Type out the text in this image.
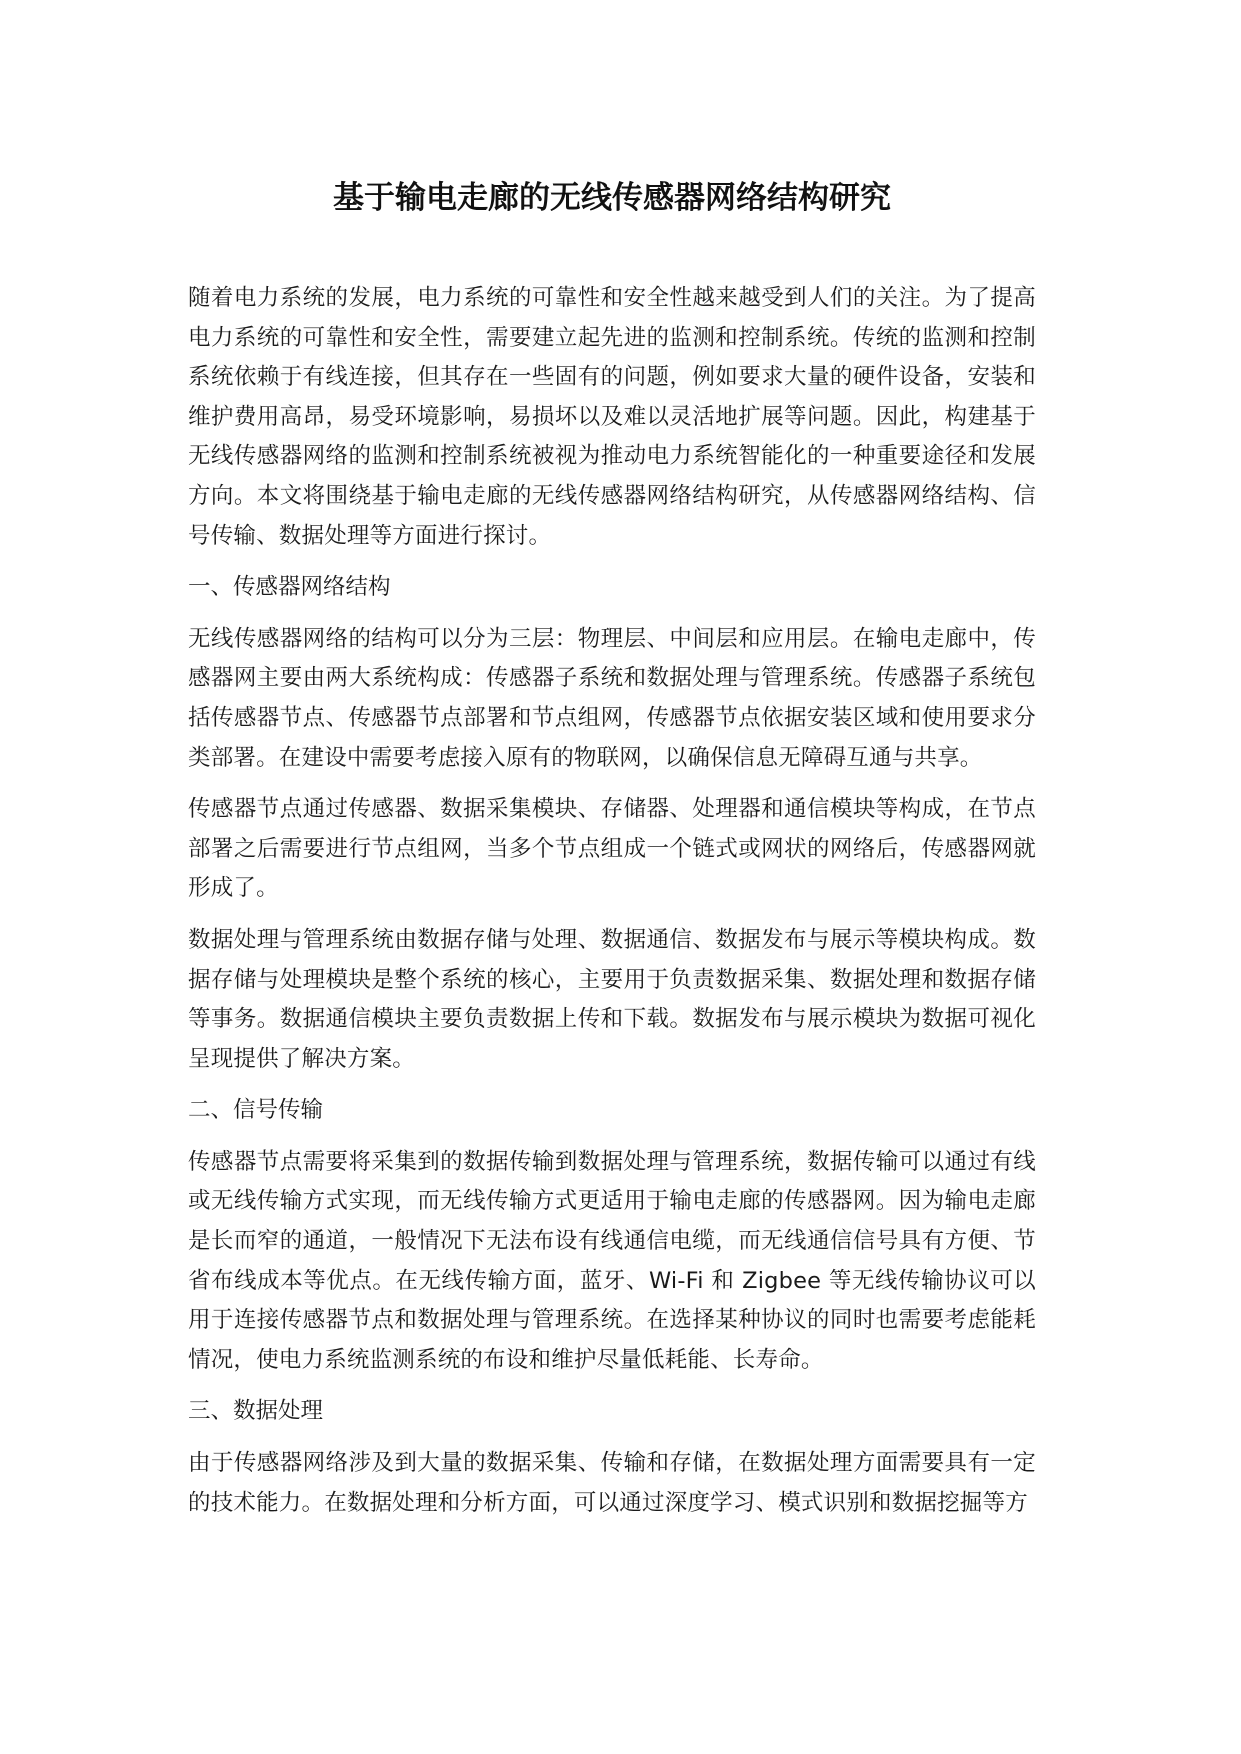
基于输电走廊的无线传感器网络结构研究

随着电力系统的发展，电力系统的可靠性和安全性越来越受到人们的关注。为了提高电力系统的可靠性和安全性，需要建立起先进的监测和控制系统。传统的监测和控制系统依赖于有线连接，但其存在一些固有的问题，例如要求大量的硬件设备，安装和维护费用高昂，易受环境影响，易损坏以及难以灵活地扩展等问题。因此，构建基于无线传感器网络的监测和控制系统被视为推动电力系统智能化的一种重要途径和发展方向。本文将围绕基于输电走廊的无线传感器网络结构研究，从传感器网络结构、信号传输、数据处理等方面进行探讨。

一、传感器网络结构

无线传感器网络的结构可以分为三层：物理层、中间层和应用层。在输电走廊中，传感器网主要由两大系统构成：传感器子系统和数据处理与管理系统。传感器子系统包括传感器节点、传感器节点部署和节点组网，传感器节点依据安装区域和使用要求分类部署。在建设中需要考虑接入原有的物联网，以确保信息无障碍互通与共享。

传感器节点通过传感器、数据采集模块、存储器、处理器和通信模块等构成，在节点部署之后需要进行节点组网，当多个节点组成一个链式或网状的网络后，传感器网就形成了。

数据处理与管理系统由数据存储与处理、数据通信、数据发布与展示等模块构成。数据存储与处理模块是整个系统的核心，主要用于负责数据采集、数据处理和数据存储等事务。数据通信模块主要负责数据上传和下载。数据发布与展示模块为数据可视化呈现提供了解决方案。

二、信号传输

传感器节点需要将采集到的数据传输到数据处理与管理系统，数据传输可以通过有线或无线传输方式实现，而无线传输方式更适用于输电走廊的传感器网。因为输电走廊是长而窄的通道，一般情况下无法布设有线通信电缆，而无线通信信号具有方便、节省布线成本等优点。在无线传输方面，蓝牙、Wi-Fi 和 Zigbee 等无线传输协议可以用于连接传感器节点和数据处理与管理系统。在选择某种协议的同时也需要考虑能耗情况，使电力系统监测系统的布设和维护尽量低耗能、长寿命。

三、数据处理

由于传感器网络涉及到大量的数据采集、传输和存储，在数据处理方面需要具有一定的技术能力。在数据处理和分析方面，可以通过深度学习、模式识别和数据挖掘等方
